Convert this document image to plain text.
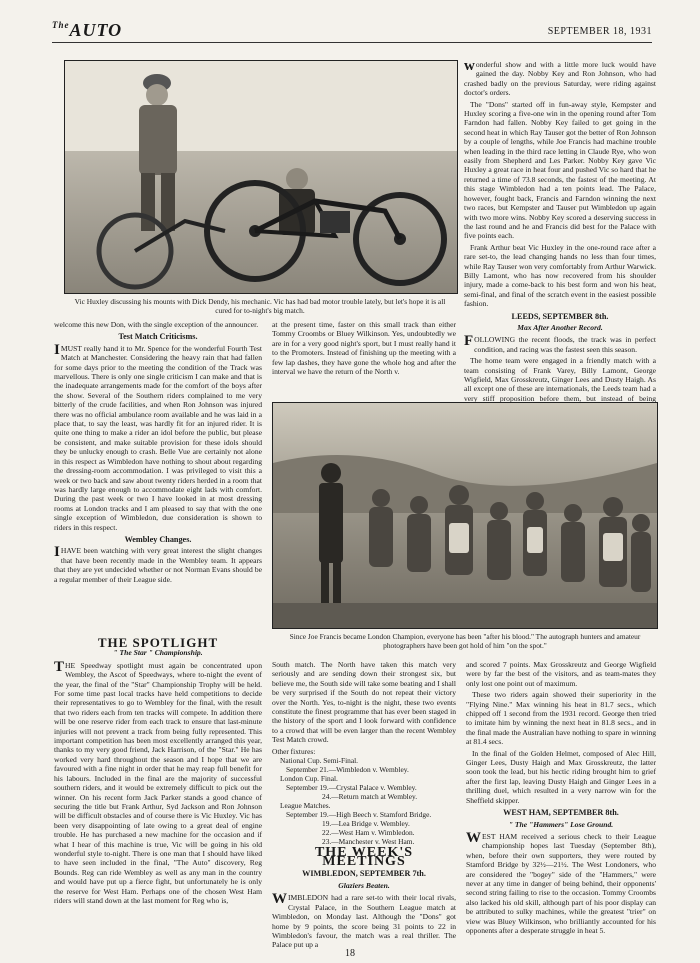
$^{The}$AUTO	SEPTEMBER 18, 1931
Vic Huxley discussing his mounts with Dick Dendy, his mechanic. Vic has had bad motor trouble lately, but let's hope it is all cured for to-night's big match.

wonderful show and with a little more luck would have gained the day. Nobby Key and Ron Johnson, who had crashed badly on the previous Saturday, were riding against doctor's orders.

The "Dons" started off in fun-away style, Kempster and Huxley scoring a five-one win in the opening round after Tom Farndon had fallen. Nobby Key failed to get going in the second heat in which Ray Tauser got the better of Ron Johnson by a couple of lengths, while Joe Francis had machine trouble when leading in the third race letting in Claude Rye, who won easily from Shepherd and Les Parker. Nobby Key gave Vic Huxley a great race in heat four and pushed Vic so hard that he returned a time of 73.8 seconds, the fastest of the meeting. At this stage Wimbledon had a ten points lead. The Palace, however, fought back, Francis and Farndon winning the next two races, but Kempster and Tauser put Wimbledon up again with two more wins. Nobby Key scored a deserving success in the last round and he and Francis did best for the Palace with five points each.

Frank Arthur beat Vic Huxley in the one-round race after a rare set-to, the lead changing hands no less than four times, while Ray Tauser won very comfortably from Arthur Warwick. Billy Lamont, who has now recovered from his shoulder injury, made a come-back to his best form and won his heat, semi-final, and final of the scratch event in the easiest possible fashion.

LEEDS, SEPTEMBER 8th.
Max After Another Record.

FOLLOWING the recent floods, the track was in perfect condition, and racing was the fastest seen this season.

The home team were engaged in a friendly match with a team consisting of Frank Varey, Billy Lamont, George Wigfield, Max Grosskreutz, Ginger Lees and Dusty Haigh. As all except one of these are internationals, the Leeds team had a very stiff proposition before them, but instead of being

welcome this new Don, with the single exception of the announcer.

Test Match Criticisms.

IMUST really hand it to Mr. Spence for the wonderful Fourth Test Match at Manchester. Considering the heavy rain that had fallen for some days prior to the meeting the condition of the Track was marvellous. There is only one single criticism I can make and that is the inadequate arrangements made for the comfort of the boys after the show. Several of the Southern riders complained to me very bitterly of the crude facilities, and when Ron Johnson was injured there was no official ambulance room available and he was laid in a place that, to say the least, was hardly fit for an injured rider. It is quite one thing to make a rider an idol before the public, but please be consistent, and make suitable provision for these idols should they be unlucky enough to crash. Belle Vue are certainly not alone in this respect as Wimbledon have nothing to shout about regarding the dressing-room accommodation. I was privileged to visit this a week or two back and saw about twenty riders herded in a room that was hardly large enough to accommodate eight lads with comfort. During the past week or two I have looked in at most dressing rooms at London tracks and I am pleased to say that with the one single exception of Wimbledon, due consideration is shown to riders in this respect.

Wembley Changes.

IHAVE been watching with very great interest the slight changes that have been recently made in the Wembley team. It appears that they are yet undecided whether or not Norman Evans should be a regular member of their League side.

at the present time, faster on this small track than either Tommy Croombs or Bluey Wilkinson. Yes, undoubtedly we are in for a very good night's sport, but I must really hand it to the Promoters. Instead of finishing up the meeting with a few lap dashes, they have gone the whole hog and after the interval we have the return of the North v.

Since Joe Francis became London Champion, everyone has been "after his blood." The autograph hunters and amateur photographers have been got hold of him "on the spot."
THE SPOTLIGHT
" The Star " Championship.

THE Speedway spotlight must again be concentrated upon Wembley, the Ascot of Speedways, where to-night the event of the year, the final of the "Star" Championship Trophy will be held. For some time past local tracks have held competitions to decide their representatives to go to Wembley for the final, with the result that two riders each from ten tracks will compete. In addition there will be one reserve rider from each track to ensure that last-minute injuries will not prevent a track from being fully represented. This important competition has been most excellently arranged this year, thanks to my very good friend, Jack Harrison, of the "Star." He has worked very hard throughout the season and I hope that we are favoured with a fine night in order that he may reap full benefit for his labours. Included in the final are the majority of successful southern riders, and it would be extremely difficult to pick out the winner. On his recent form Jack Parker stands a good chance of securing the title but Frank Arthur, Syd Jackson and Ron Johnson will be difficult obstacles and of course there is Vic Huxley. Vic has been very disappointing of late owing to a great deal of engine trouble. He has purchased a new machine for the occasion and if what I hear of this machine is true, Vic will be going in his old wonderful style to-night. There is one man that I should have liked to have seen included in the final, "The Auto" discovery, Reg Bounds. Reg can ride Wembley as well as any man in the country and would have put up a fierce fight, but unfortunately he is only the reserve for West Ham. Perhaps one of the chosen West Ham riders will stand down at the last moment for Reg who is,

South match. The North have taken this match very seriously and are sending down their strongest six, but believe me, the South side will take some beating and I shall be very surprised if the South do not repeat their victory over the North. Yes, to-night is the night, these two events constitute the finest programme that has ever been staged in the history of the sport and I look forward with confidence to a crowd that will be even larger than the recent Wembley Test Match crowd.

Other fixtures:
National Cup. Semi-Final.
September 21.—Wimbledon v. Wembley.
London Cup. Final.
September 19.—Crystal Palace v. Wembley.
24.—Return match at Wembley.
League Matches.
September 19.—High Beech v. Stamford Bridge.
19.—Lea Bridge v. Wembley.
22.—West Ham v. Wimbledon.
23.—Manchester v. West Ham.
THE WEEK'S MEETINGS
WIMBLEDON, SEPTEMBER 7th.
Glaziers Beaten.

WIMBLEDON had a rare set-to with their local rivals, Crystal Palace, in the Southern League match at Wimbledon, on Monday last. Although the "Dons" got home by 9 points, the score being 31 points to 22 in Wimbledon's favour, the match was a real thriller. The Palace put up a

and scored 7 points. Max Grosskreutz and George Wigfield were by far the best of the visitors, and as team-mates they only lost one point out of maximum.

These two riders again showed their superiority in the "Flying Nine." Max winning his heat in 81.7 secs., which chipped off 1 second from the 1931 record. George then tried to imitate him by winning the next heat in 81.8 secs., and in the final made the Australian have nothing to spare in winning at 81.4 secs.

In the final of the Golden Helmet, composed of Alec Hill, Ginger Lees, Dusty Haigh and Max Grosskreutz, the latter soon took the lead, but his hectic riding brought him to grief after the first lap, leaving Dusty Haigh and Ginger Lees in a thrilling duel, which resulted in a very narrow win for the Sheffield skipper.

WEST HAM, SEPTEMBER 8th.
" The "Hammers" Lose Ground.

WEST HAM received a serious check to their League championship hopes last Tuesday (September 8th), when, before their own supporters, they were routed by Stamford Bridge by 32½—21½. The West Londoners, who are considered the "bogey" side of the "Hammers," were never at any time in danger of being behind, their opponents' second string failing to rise to the occasion. Tommy Croombs also lacked his old skill, although part of his poor display can be attributed to sulky machines, while the greatest "trier" on view was Bluey Wilkinson, who brilliantly accounted for his opponents after a desperate struggle in heat 5.

18
